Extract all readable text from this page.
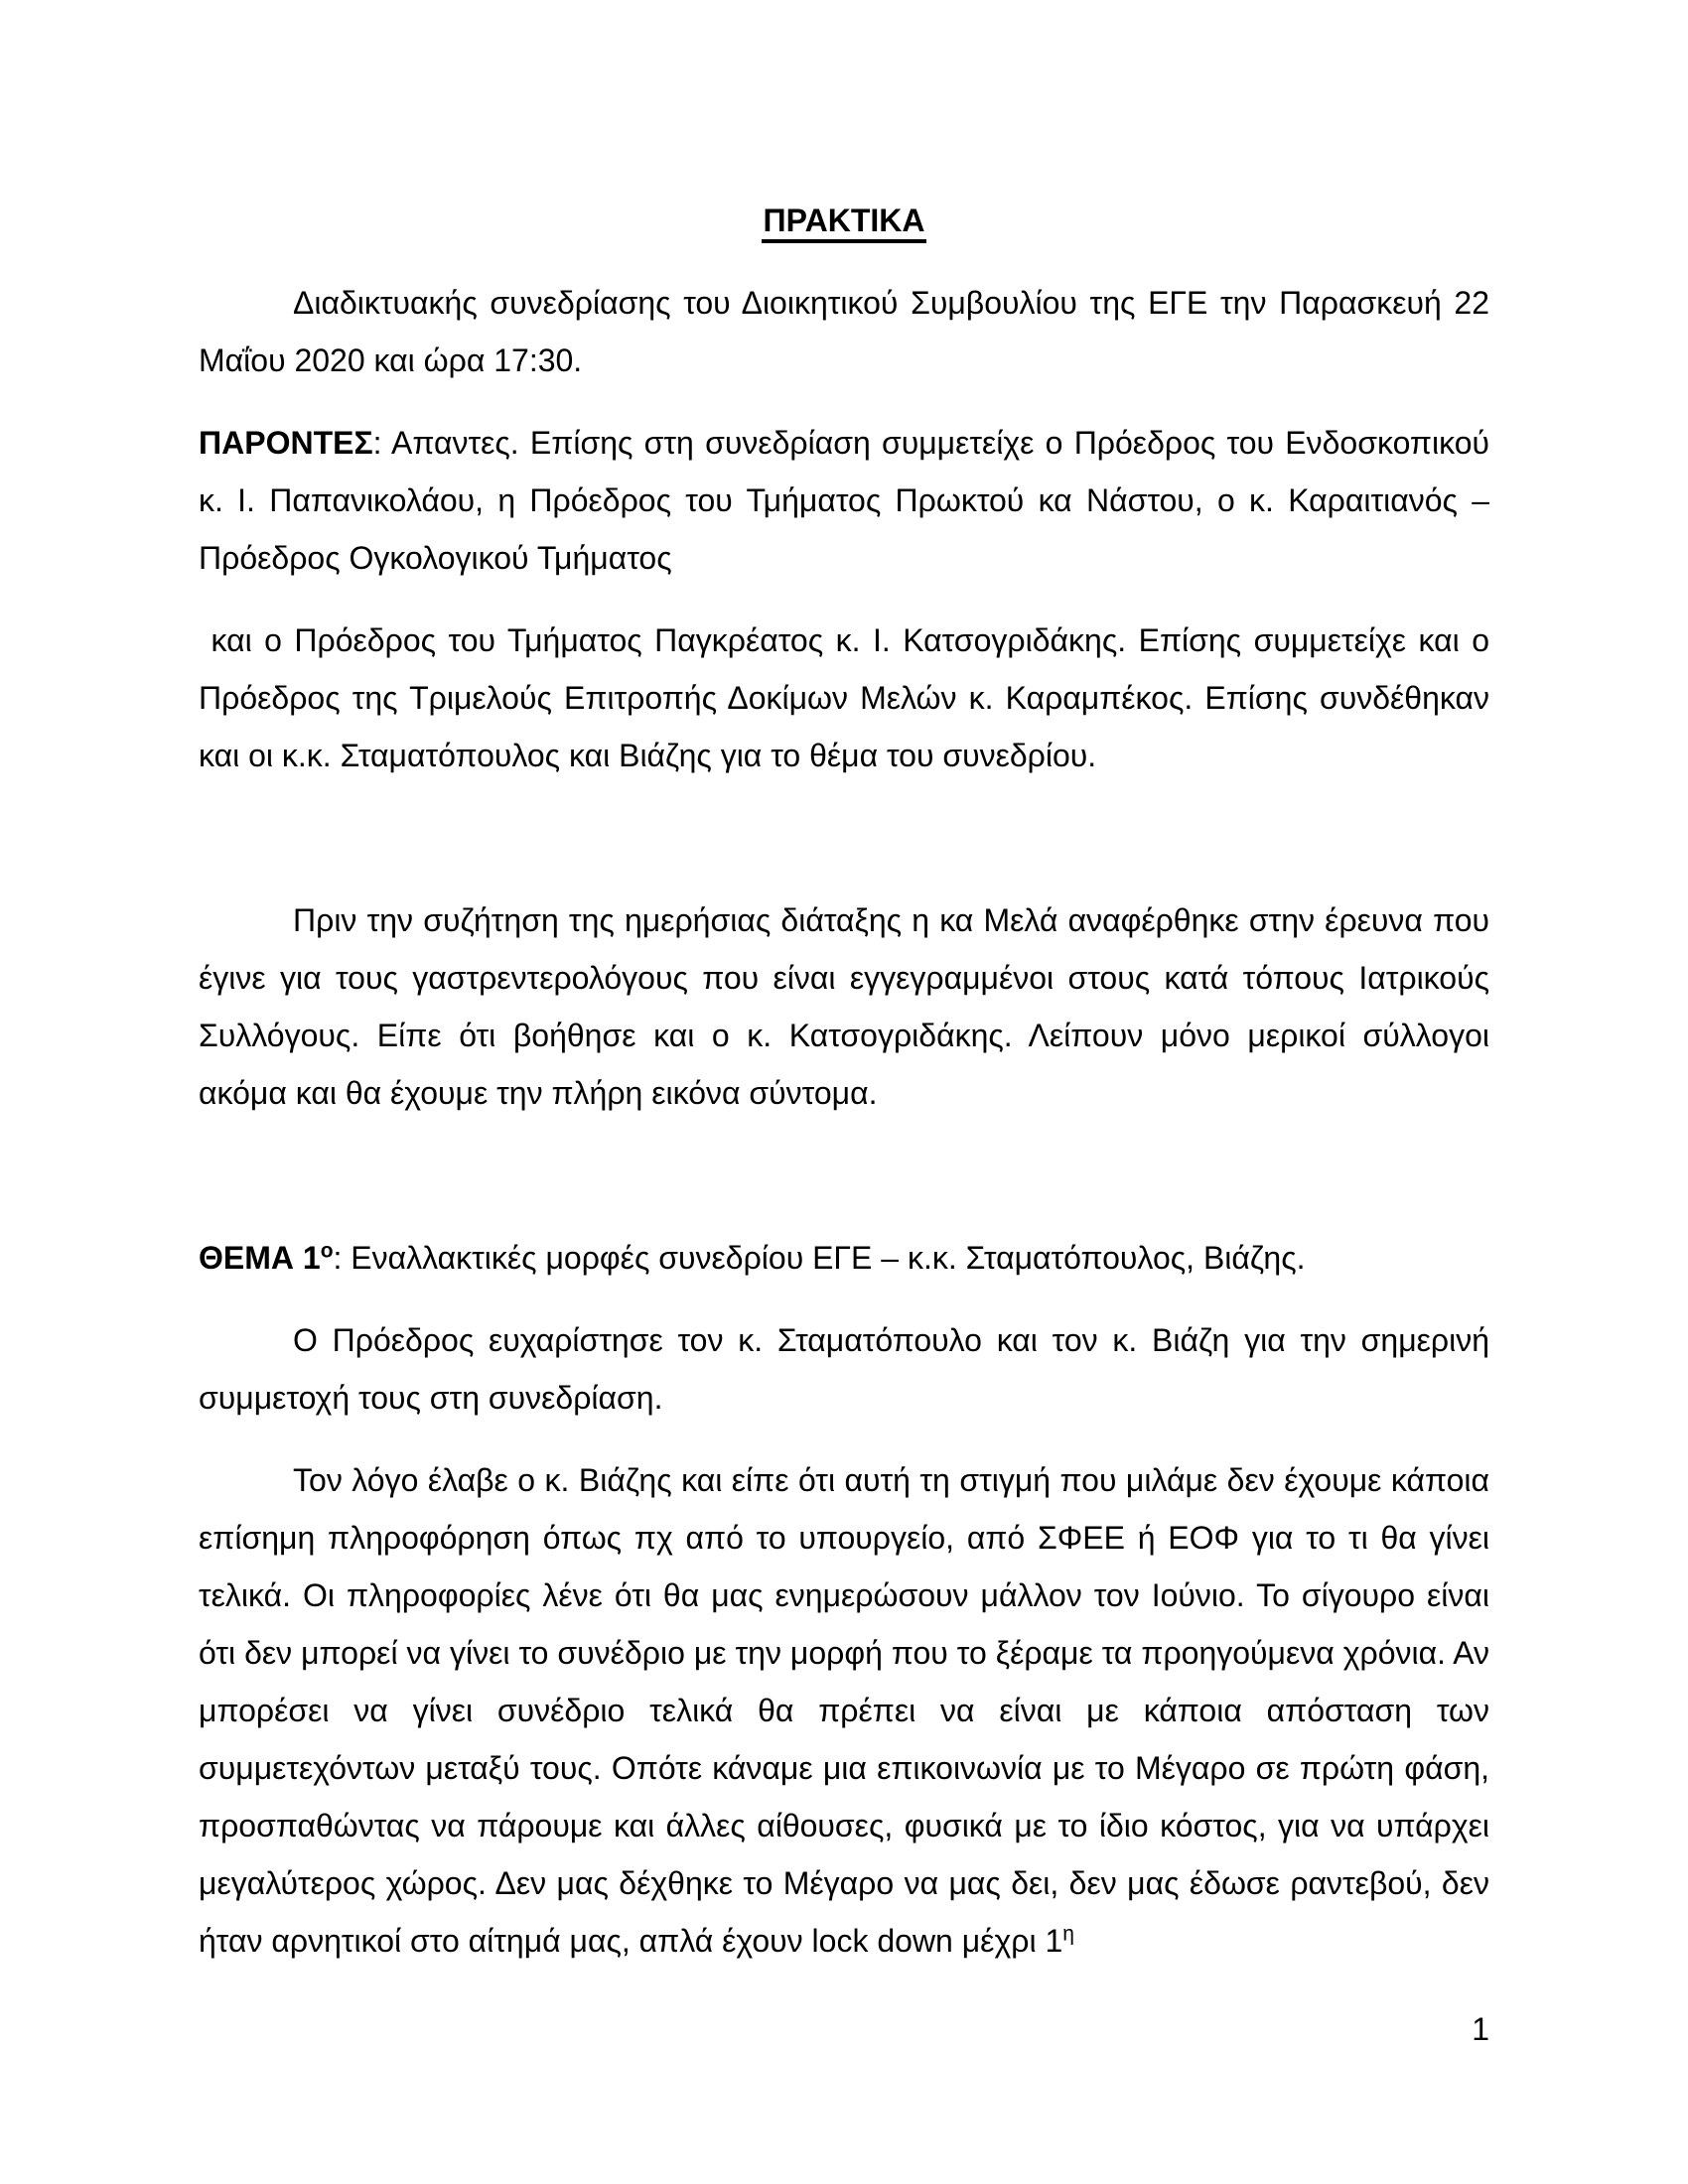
ΠΡΑΚΤΙΚΑ

Διαδικτυακής συνεδρίασης του Διοικητικού Συμβουλίου της ΕΓΕ την Παρασκευή 22 Μαΐου 2020 και ώρα 17:30.

ΠΑΡΟΝΤΕΣ: Απαντες. Επίσης στη συνεδρίαση συμμετείχε ο Πρόεδρος του Ενδοσκοπικού κ. Ι. Παπανικολάου, η Πρόεδρος του Τμήματος Πρωκτού κα Νάστου, ο κ. Καραιτιανός – Πρόεδρος Ογκολογικού Τμήματος

και ο Πρόεδρος του Τμήματος Παγκρέατος κ. Ι. Κατσογριδάκης. Επίσης συμμετείχε και ο Πρόεδρος της Τριμελούς Επιτροπής Δοκίμων Μελών κ. Καραμπέκος. Επίσης συνδέθηκαν και οι κ.κ. Σταματόπουλος και Βιάζης για το θέμα του συνεδρίου.

Πριν την συζήτηση της ημερήσιας διάταξης η κα Μελά αναφέρθηκε στην έρευνα που έγινε για τους γαστρεντερολόγους που είναι εγγεγραμμένοι στους κατά τόπους Ιατρικούς Συλλόγους. Είπε ότι βοήθησε και ο κ. Κατσογριδάκης. Λείπουν μόνο μερικοί σύλλογοι ακόμα και θα έχουμε την πλήρη εικόνα σύντομα.

ΘΕΜΑ $1^o$: Εναλλακτικές μορφές συνεδρίου ΕΓΕ – κ.κ. Σταματόπουλος, Βιάζης.

Ο Πρόεδρος ευχαρίστησε τον κ. Σταματόπουλο και τον κ. Βιάζη για την σημερινή συμμετοχή τους στη συνεδρίαση.

Τον λόγο έλαβε ο κ. Βιάζης και είπε ότι αυτή τη στιγμή που μιλάμε δεν έχουμε κάποια επίσημη πληροφόρηση όπως πχ από το υπουργείο, από ΣΦΕΕ ή ΕΟΦ για το τι θα γίνει τελικά. Οι πληροφορίες λένε ότι θα μας ενημερώσουν μάλλον τον Ιούνιο. Το σίγουρο είναι ότι δεν μπορεί να γίνει το συνέδριο με την μορφή που το ξέραμε τα προηγούμενα χρόνια. Αν μπορέσει να γίνει συνέδριο τελικά θα πρέπει να είναι με κάποια απόσταση των συμμετεχόντων μεταξύ τους. Οπότε κάναμε μια επικοινωνία με το Μέγαρο σε πρώτη φάση, προσπαθώντας να πάρουμε και άλλες αίθουσες, φυσικά με το ίδιο κόστος, για να υπάρχει μεγαλύτερος χώρος. Δεν μας δέχθηκε το Μέγαρο να μας δει, δεν μας έδωσε ραντεβού, δεν ήταν αρνητικοί στο αίτημά μας, απλά έχουν lock down μέχρι $1^\eta$

1
